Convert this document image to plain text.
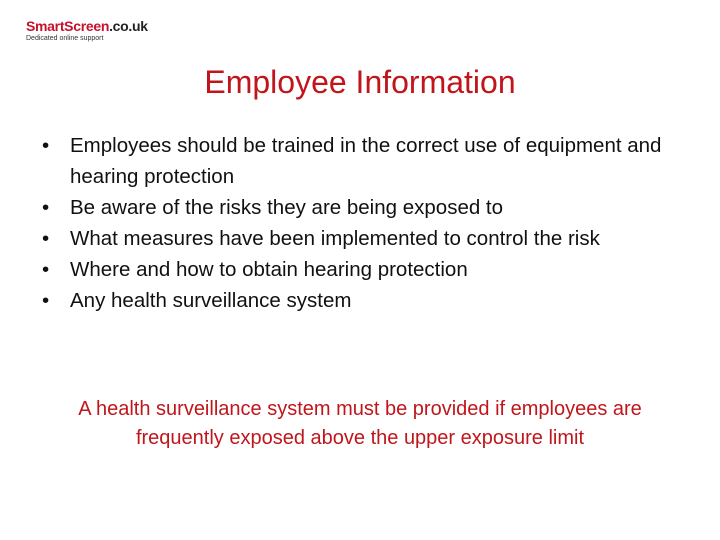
SmartScreen.co.uk
Dedicated online support
Employee Information
• Employees should be trained in the correct use of equipment and hearing protection
• Be aware of the risks they are being exposed to
• What measures have been implemented to control the risk
• Where and how to obtain hearing protection
• Any health surveillance system

A health surveillance system must be provided if employees are frequently exposed above the upper exposure limit
